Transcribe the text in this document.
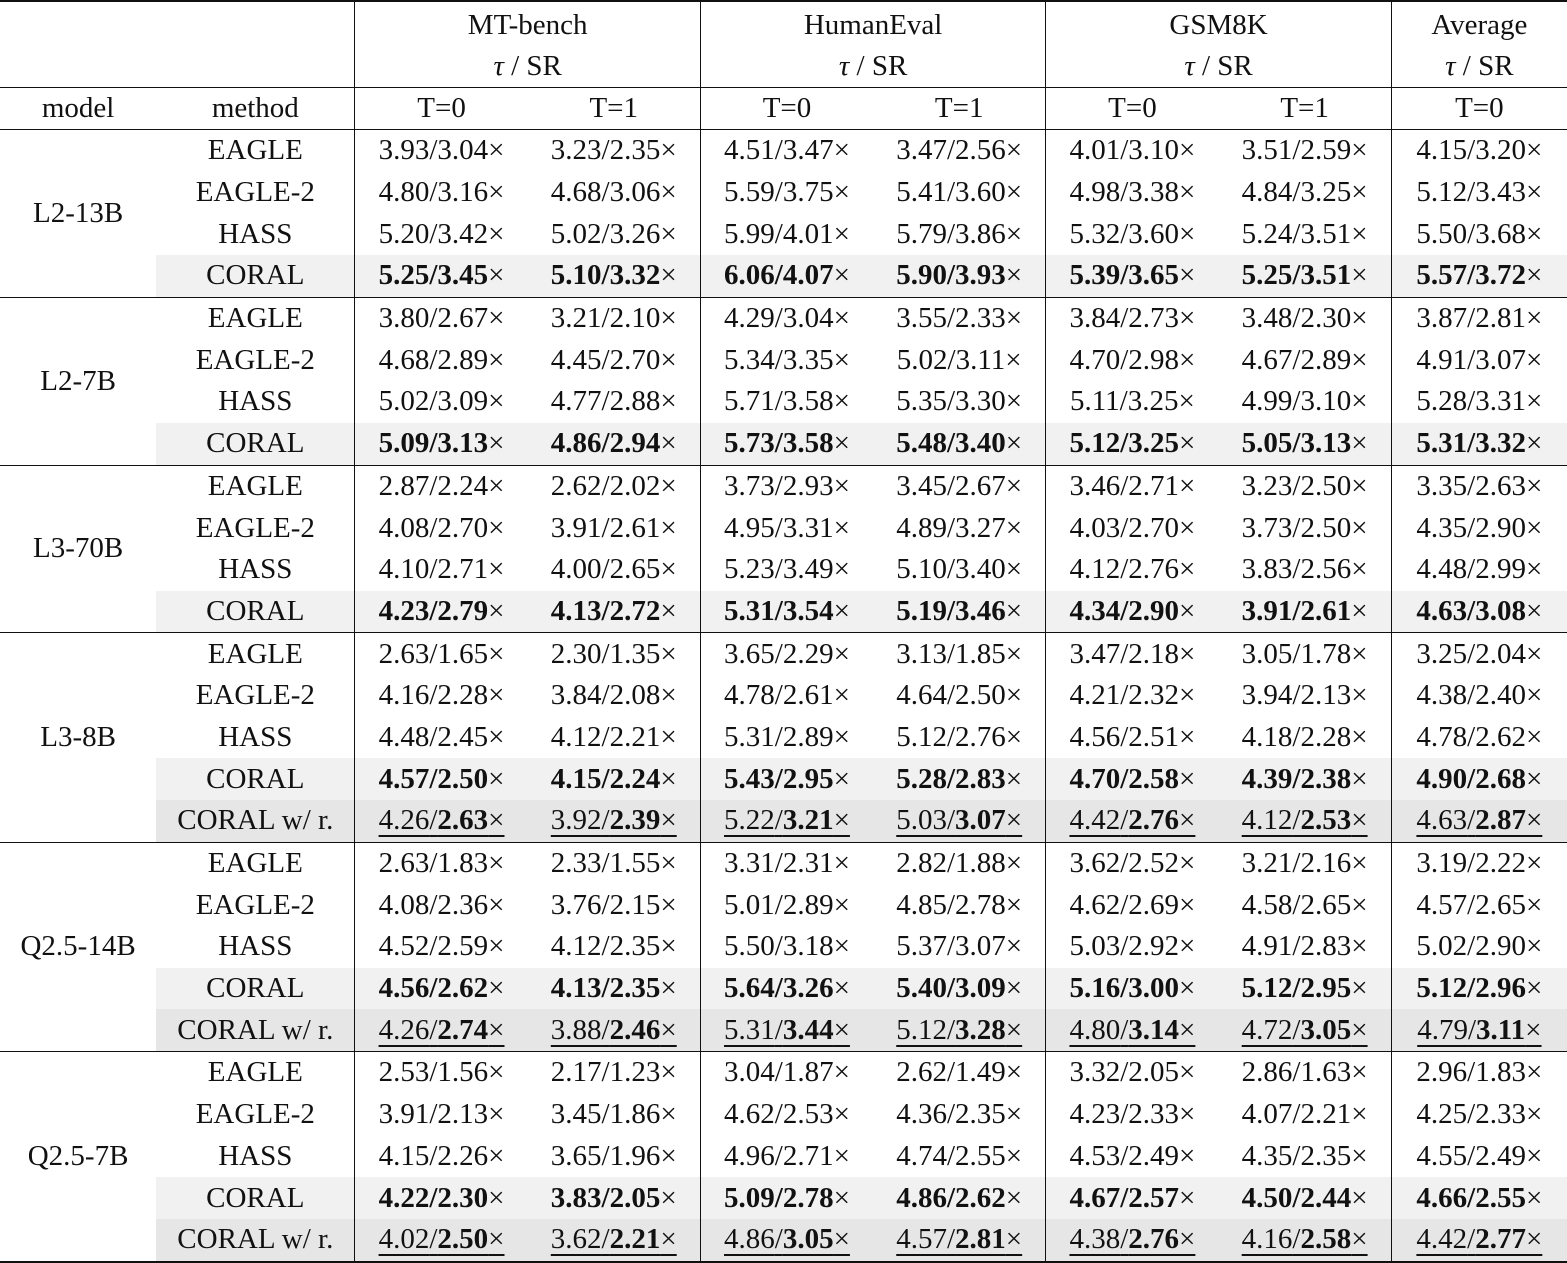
		MT-bench		HumanEval		GSM8K		Average
		τ / SR		τ / SR		τ / SR		τ / SR
model	method	T=0	T=1	T=0	T=1	T=0	T=1	T=0
L2-13B	EAGLE	3.93/3.04×	3.23/2.35×	4.51/3.47×	3.47/2.56×	4.01/3.10×	3.51/2.59×	4.15/3.20×
	EAGLE-2	4.80/3.16×	4.68/3.06×	5.59/3.75×	5.41/3.60×	4.98/3.38×	4.84/3.25×	5.12/3.43×
	HASS	5.20/3.42×	5.02/3.26×	5.99/4.01×	5.79/3.86×	5.32/3.60×	5.24/3.51×	5.50/3.68×
	CORAL	5.25/3.45×	5.10/3.32×	6.06/4.07×	5.90/3.93×	5.39/3.65×	5.25/3.51×	5.57/3.72×
L2-7B	EAGLE	3.80/2.67×	3.21/2.10×	4.29/3.04×	3.55/2.33×	3.84/2.73×	3.48/2.30×	3.87/2.81×
	EAGLE-2	4.68/2.89×	4.45/2.70×	5.34/3.35×	5.02/3.11×	4.70/2.98×	4.67/2.89×	4.91/3.07×
	HASS	5.02/3.09×	4.77/2.88×	5.71/3.58×	5.35/3.30×	5.11/3.25×	4.99/3.10×	5.28/3.31×
	CORAL	5.09/3.13×	4.86/2.94×	5.73/3.58×	5.48/3.40×	5.12/3.25×	5.05/3.13×	5.31/3.32×
L3-70B	EAGLE	2.87/2.24×	2.62/2.02×	3.73/2.93×	3.45/2.67×	3.46/2.71×	3.23/2.50×	3.35/2.63×
	EAGLE-2	4.08/2.70×	3.91/2.61×	4.95/3.31×	4.89/3.27×	4.03/2.70×	3.73/2.50×	4.35/2.90×
	HASS	4.10/2.71×	4.00/2.65×	5.23/3.49×	5.10/3.40×	4.12/2.76×	3.83/2.56×	4.48/2.99×
	CORAL	4.23/2.79×	4.13/2.72×	5.31/3.54×	5.19/3.46×	4.34/2.90×	3.91/2.61×	4.63/3.08×
L3-8B	EAGLE	2.63/1.65×	2.30/1.35×	3.65/2.29×	3.13/1.85×	3.47/2.18×	3.05/1.78×	3.25/2.04×
	EAGLE-2	4.16/2.28×	3.84/2.08×	4.78/2.61×	4.64/2.50×	4.21/2.32×	3.94/2.13×	4.38/2.40×
	HASS	4.48/2.45×	4.12/2.21×	5.31/2.89×	5.12/2.76×	4.56/2.51×	4.18/2.28×	4.78/2.62×
	CORAL	4.57/2.50×	4.15/2.24×	5.43/2.95×	5.28/2.83×	4.70/2.58×	4.39/2.38×	4.90/2.68×
	CORAL w/ r.	4.26/2.63×	3.92/2.39×	5.22/3.21×	5.03/3.07×	4.42/2.76×	4.12/2.53×	4.63/2.87×
Q2.5-14B	EAGLE	2.63/1.83×	2.33/1.55×	3.31/2.31×	2.82/1.88×	3.62/2.52×	3.21/2.16×	3.19/2.22×
	EAGLE-2	4.08/2.36×	3.76/2.15×	5.01/2.89×	4.85/2.78×	4.62/2.69×	4.58/2.65×	4.57/2.65×
	HASS	4.52/2.59×	4.12/2.35×	5.50/3.18×	5.37/3.07×	5.03/2.92×	4.91/2.83×	5.02/2.90×
	CORAL	4.56/2.62×	4.13/2.35×	5.64/3.26×	5.40/3.09×	5.16/3.00×	5.12/2.95×	5.12/2.96×
	CORAL w/ r.	4.26/2.74×	3.88/2.46×	5.31/3.44×	5.12/3.28×	4.80/3.14×	4.72/3.05×	4.79/3.11×
Q2.5-7B	EAGLE	2.53/1.56×	2.17/1.23×	3.04/1.87×	2.62/1.49×	3.32/2.05×	2.86/1.63×	2.96/1.83×
	EAGLE-2	3.91/2.13×	3.45/1.86×	4.62/2.53×	4.36/2.35×	4.23/2.33×	4.07/2.21×	4.25/2.33×
	HASS	4.15/2.26×	3.65/1.96×	4.96/2.71×	4.74/2.55×	4.53/2.49×	4.35/2.35×	4.55/2.49×
	CORAL	4.22/2.30×	3.83/2.05×	5.09/2.78×	4.86/2.62×	4.67/2.57×	4.50/2.44×	4.66/2.55×
	CORAL w/ r.	4.02/2.50×	3.62/2.21×	4.86/3.05×	4.57/2.81×	4.38/2.76×	4.16/2.58×	4.42/2.77×
